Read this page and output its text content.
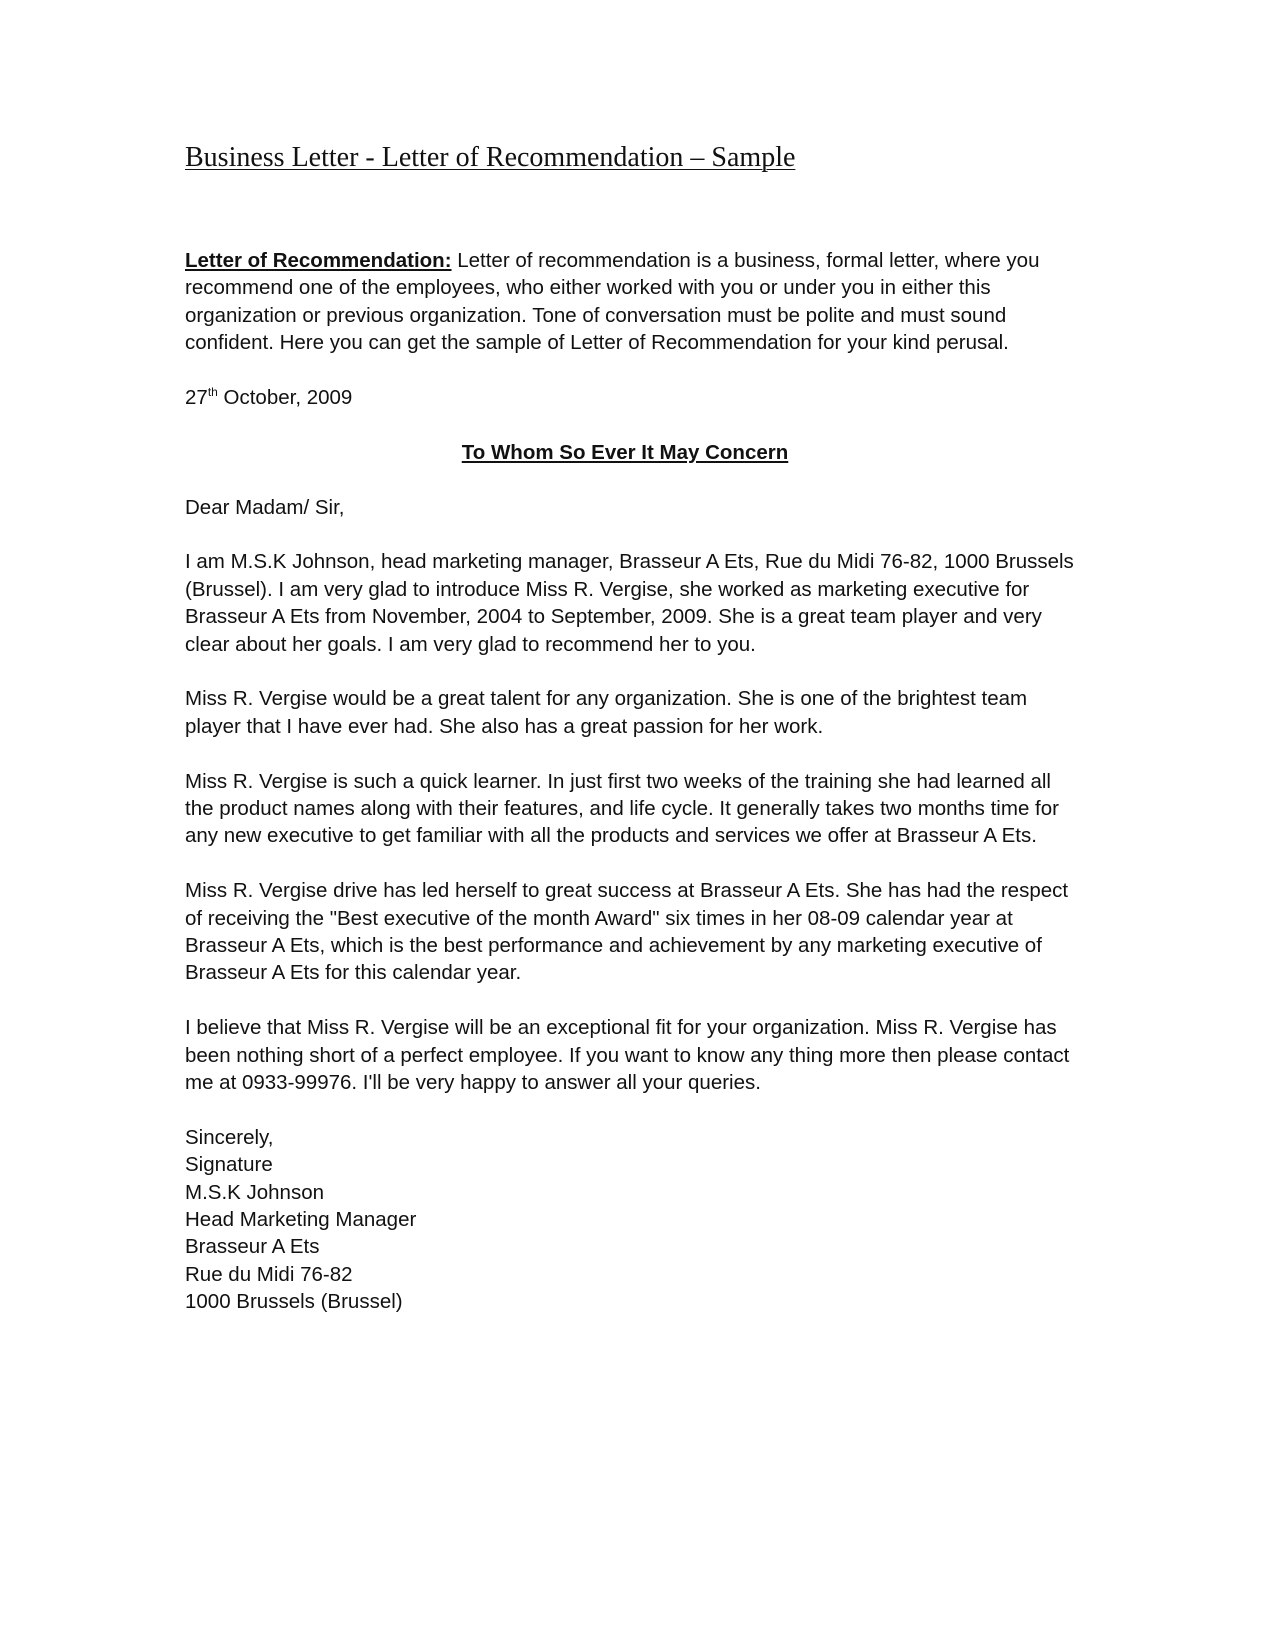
Business Letter - Letter of Recommendation – Sample

Letter of Recommendation: Letter of recommendation is a business, formal letter, where you recommend one of the employees, who either worked with you or under you in either this organization or previous organization. Tone of conversation must be polite and must sound confident. Here you can get the sample of Letter of Recommendation for your kind perusal.

27th October, 2009

To Whom So Ever It May Concern

Dear Madam/ Sir,

I am M.S.K Johnson, head marketing manager, Brasseur A Ets, Rue du Midi 76-82, 1000 Brussels (Brussel). I am very glad to introduce Miss R. Vergise, she worked as marketing executive for Brasseur A Ets from November, 2004 to September, 2009. She is a great team player and very clear about her goals. I am very glad to recommend her to you.

Miss R. Vergise would be a great talent for any organization. She is one of the brightest team player that I have ever had. She also has a great passion for her work.

Miss R. Vergise is such a quick learner. In just first two weeks of the training she had learned all the product names along with their features, and life cycle. It generally takes two months time for any new executive to get familiar with all the products and services we offer at Brasseur A Ets.

Miss R. Vergise drive has led herself to great success at Brasseur A Ets. She has had the respect of receiving the "Best executive of the month Award" six times in her 08-09 calendar year at Brasseur A Ets, which is the best performance and achievement by any marketing executive of Brasseur A Ets for this calendar year.

I believe that Miss R. Vergise will be an exceptional fit for your organization. Miss R. Vergise has been nothing short of a perfect employee. If you want to know any thing more then please contact me at 0933-99976. I'll be very happy to answer all your queries.

Sincerely,
Signature
M.S.K Johnson
Head Marketing Manager
Brasseur A Ets
Rue du Midi 76-82
1000 Brussels (Brussel)
